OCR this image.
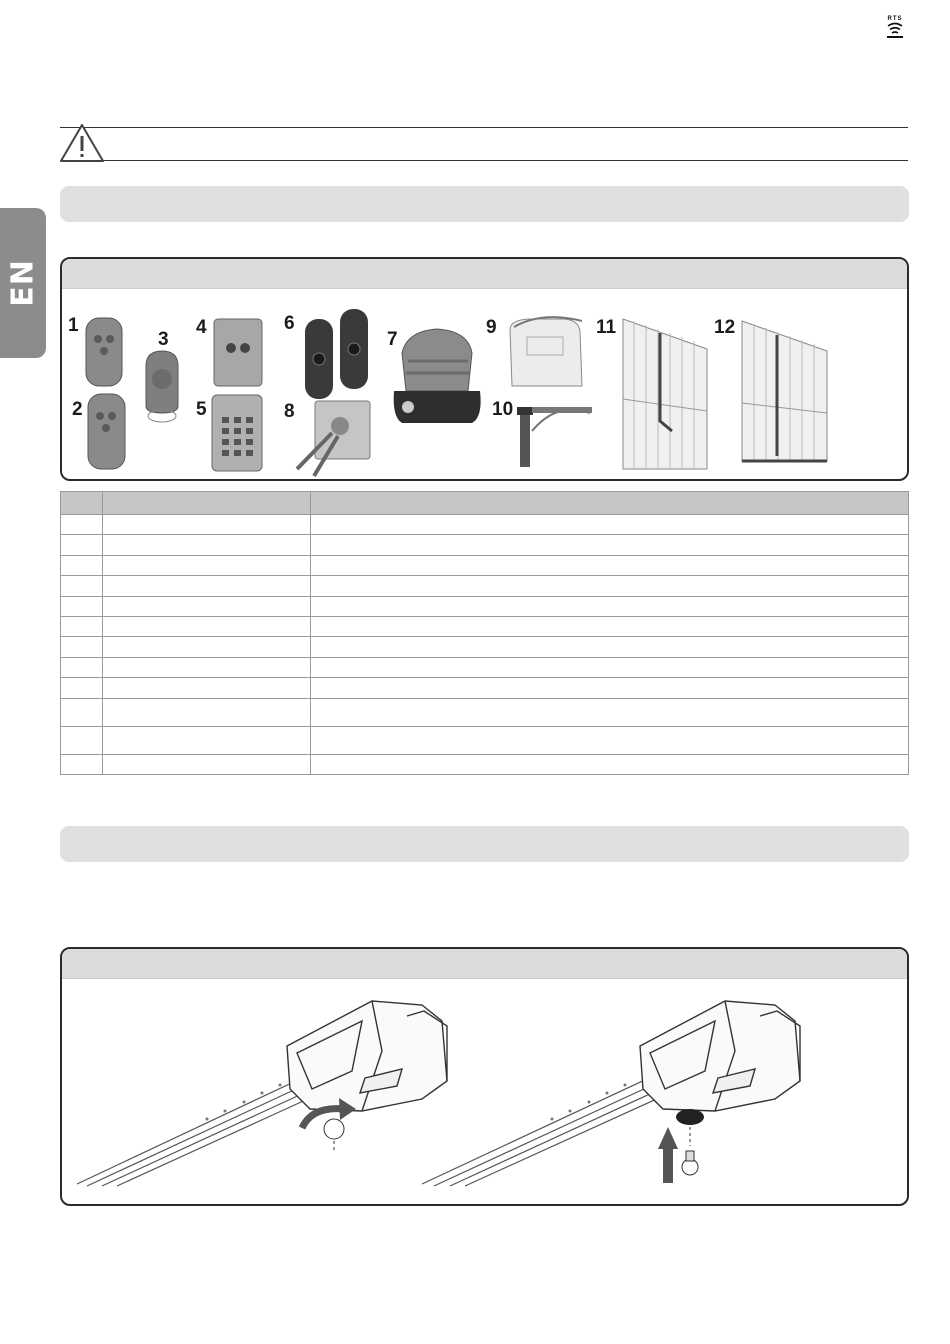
RTS
EN
1
2
3
4
5
6
7
8
9
10
11	12
